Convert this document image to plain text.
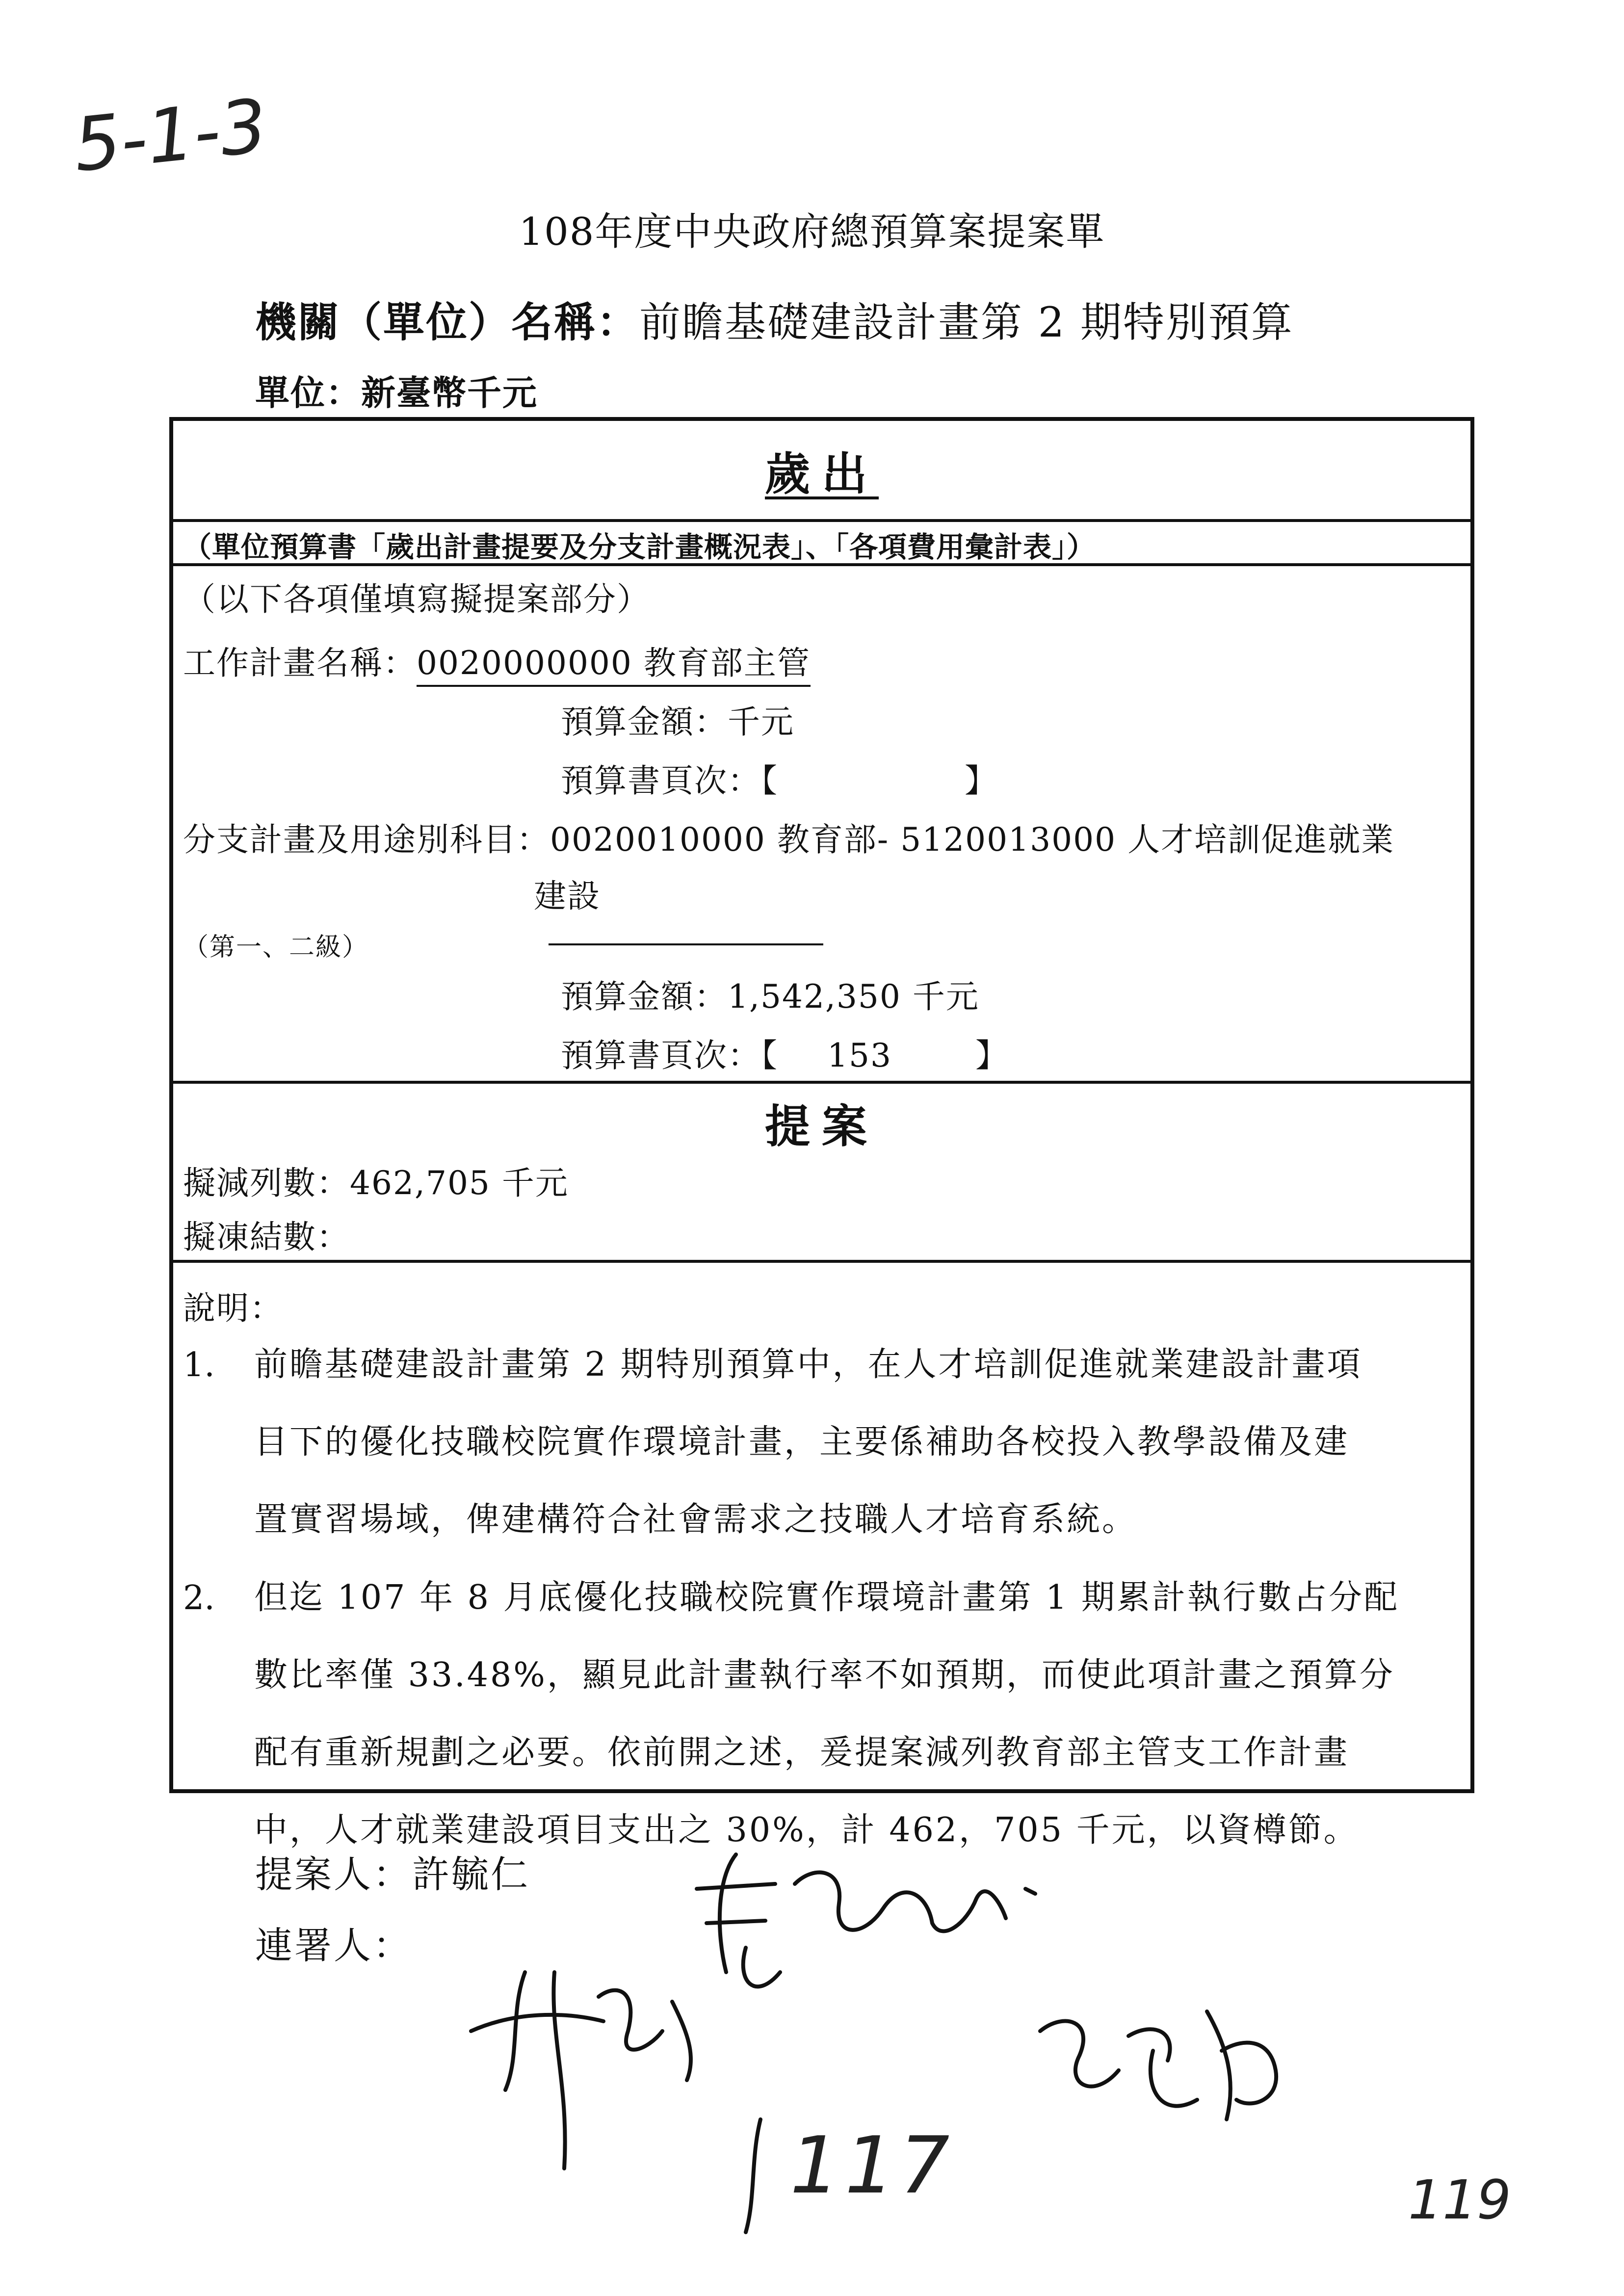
5-1-3
119
108年度中央政府總預算案提案單
機關（單位）名稱：前瞻基礎建設計畫第 2 期特別預算
單位：新臺幣千元
歲出
（單位預算書「歲出計畫提要及分支計畫概況表」、「各項費用彙計表」）
（以下各項僅填寫擬提案部分）
工作計畫名稱：0020000000 教育部主管
預算金額：千元
預算書頁次：【	】
分支計畫及用途別科目：0020010000 教育部- 5120013000 人才培訓促進就業
建設
（第一、二級）
預算金額：1,542,350 千元
預算書頁次：【 153	】
提案
擬減列數：462,705 千元
擬凍結數：
說明：
1. 前瞻基礎建設計畫第 2 期特別預算中，在人才培訓促進就業建設計畫項
目下的優化技職校院實作環境計畫，主要係補助各校投入教學設備及建
置實習場域，俾建構符合社會需求之技職人才培育系統。
2. 但迄 107 年 8 月底優化技職校院實作環境計畫第 1 期累計執行數占分配
數比率僅 33.48%，顯見此計畫執行率不如預期，而使此項計畫之預算分
配有重新規劃之必要。依前開之述，爰提案減列教育部主管支工作計畫
中，人才就業建設項目支出之 30%，計 462，705 千元，以資樽節。
提案人：許毓仁
連署人：
117
